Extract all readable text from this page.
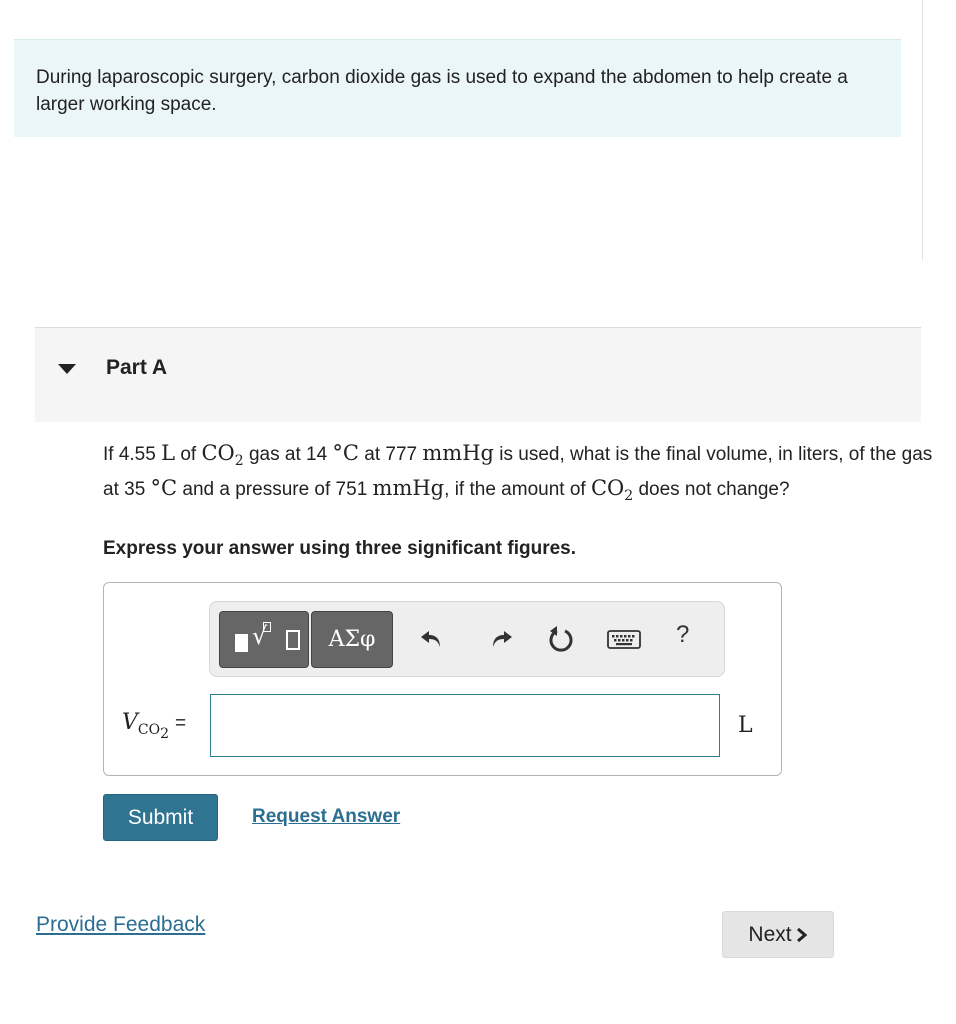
During laparoscopic surgery, carbon dioxide gas is used to expand the abdomen to help create a larger working space.
Part A
If 4.55 L of $CO_2$ gas at 14 °C at 777 mmHg is used, what is the final volume, in liters, of the gas at 35 °C and a pressure of 751 mmHg, if the amount of $CO_2$ does not change?
Express your answer using three significant figures.
√	ΑΣφ	?
$V_{CO_2}=$	L
Submit	Request Answer
Provide Feedback	Next
